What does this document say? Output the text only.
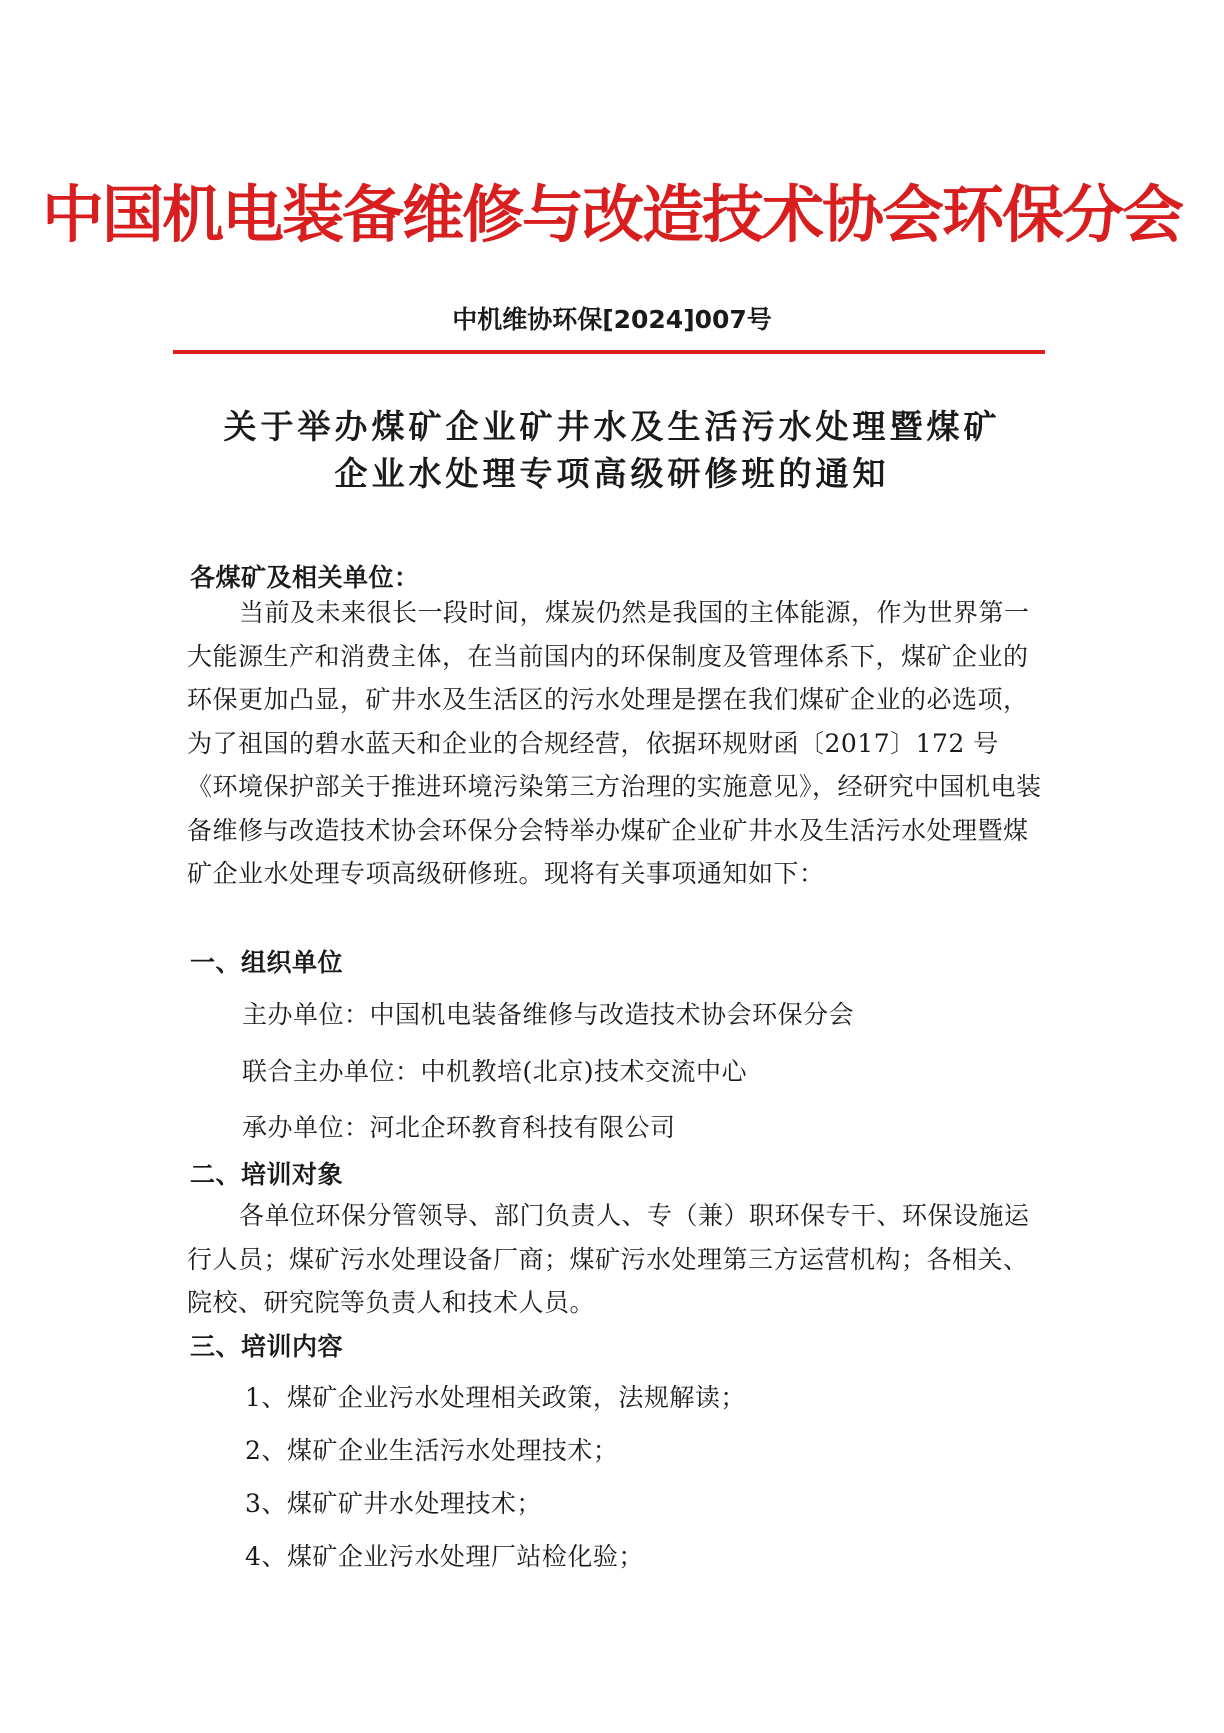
中国机电装备维修与改造技术协会环保分会
中机维协环保[2024]007号
关于举办煤矿企业矿井水及生活污水处理暨煤矿
企业水处理专项高级研修班的通知
各煤矿及相关单位：

当前及未来很长一段时间，煤炭仍然是我国的主体能源，作为世界第一大能源生产和消费主体，在当前国内的环保制度及管理体系下，煤矿企业的环保更加凸显，矿井水及生活区的污水处理是摆在我们煤矿企业的必选项，为了祖国的碧水蓝天和企业的合规经营，依据环规财函〔2017〕172 号《环境保护部关于推进环境污染第三方治理的实施意见》，经研究中国机电装备维修与改造技术协会环保分会特举办煤矿企业矿井水及生活污水处理暨煤矿企业水处理专项高级研修班。现将有关事项通知如下：

一、组织单位
主办单位：中国机电装备维修与改造技术协会环保分会
联合主办单位：中机教培(北京)技术交流中心
承办单位：河北企环教育科技有限公司
二、培训对象

各单位环保分管领导、部门负责人、专（兼）职环保专干、环保设施运行人员；煤矿污水处理设备厂商；煤矿污水处理第三方运营机构；各相关、院校、研究院等负责人和技术人员。

三、培训内容
1、煤矿企业污水处理相关政策，法规解读；
2、煤矿企业生活污水处理技术；
3、煤矿矿井水处理技术；
4、煤矿企业污水处理厂站检化验；
